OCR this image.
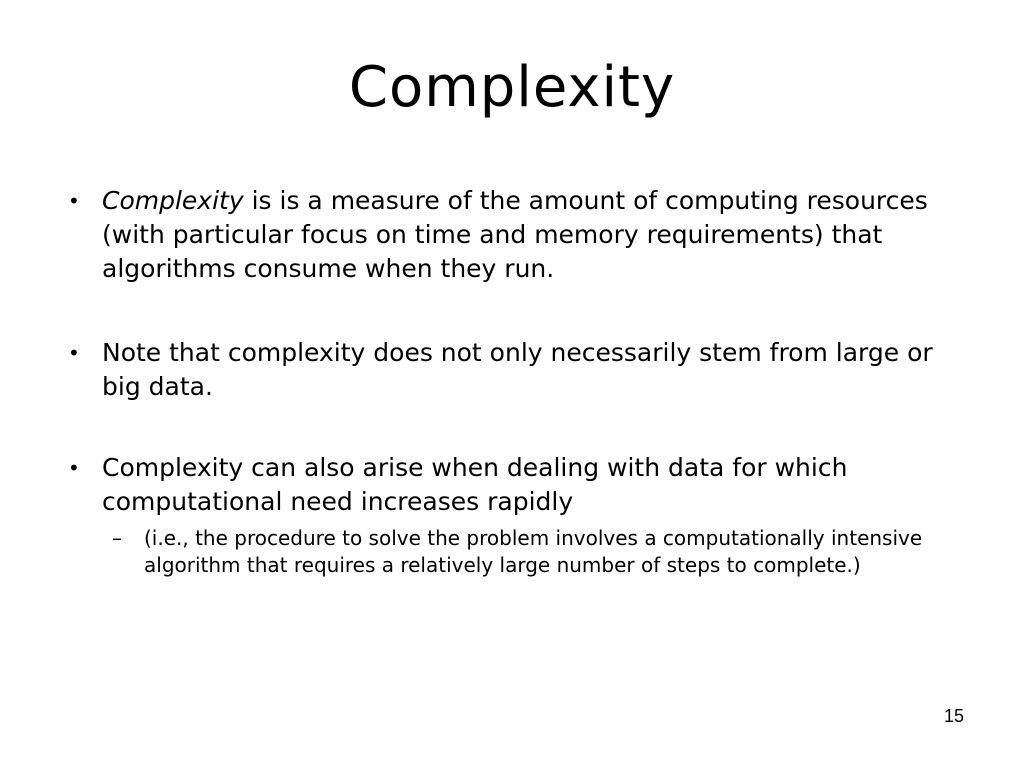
Complexity
• Complexity is is a measure of the amount of computing resources (with particular focus on time and memory requirements) that algorithms consume when they run.
• Note that complexity does not only necessarily stem from large or big data.
• Complexity can also arise when dealing with data for which computational need increases rapidly
–	(i.e., the procedure to solve the problem involves a computationally intensive algorithm that requires a relatively large number of steps to complete.)
15
